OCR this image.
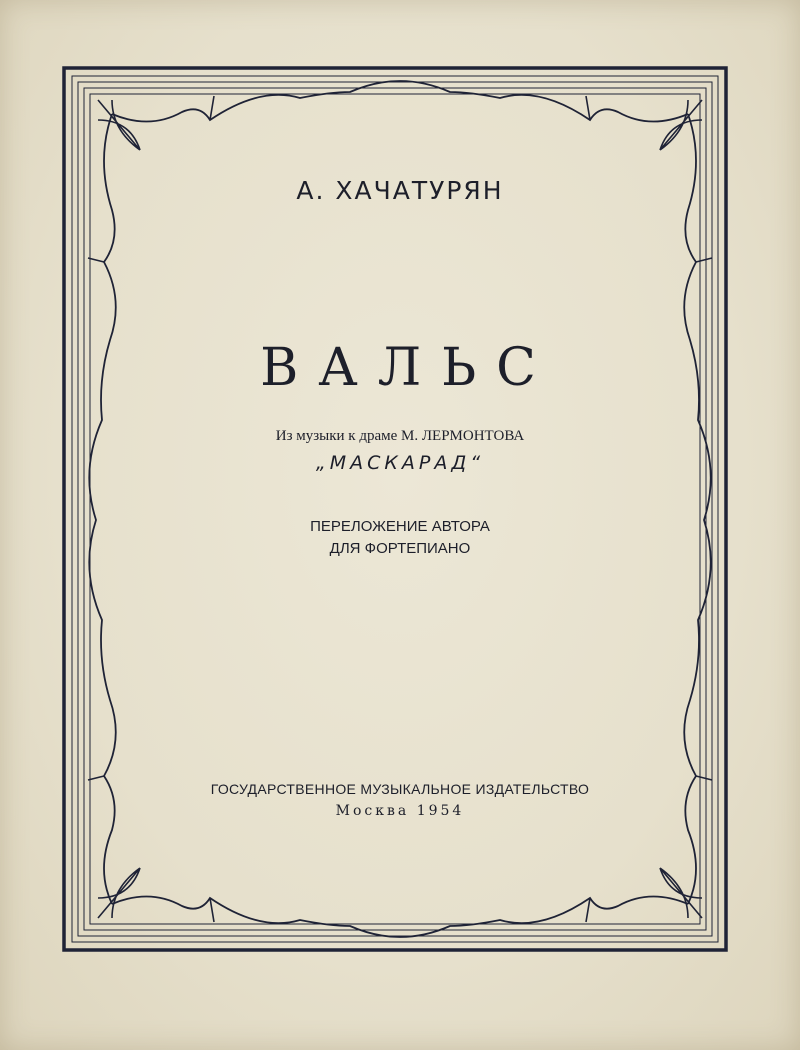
А. ХАЧАТУРЯН
ВАЛЬС
Из музыки к драме М. ЛЕРМОНТОВА
„МАСКАРАД“
ПЕРЕЛОЖЕНИЕ АВТОРА
ДЛЯ ФОРТЕПИАНО
ГОСУДАРСТВЕННОЕ МУЗЫКАЛЬНОЕ ИЗДАТЕЛЬСТВО
Москва 1954
